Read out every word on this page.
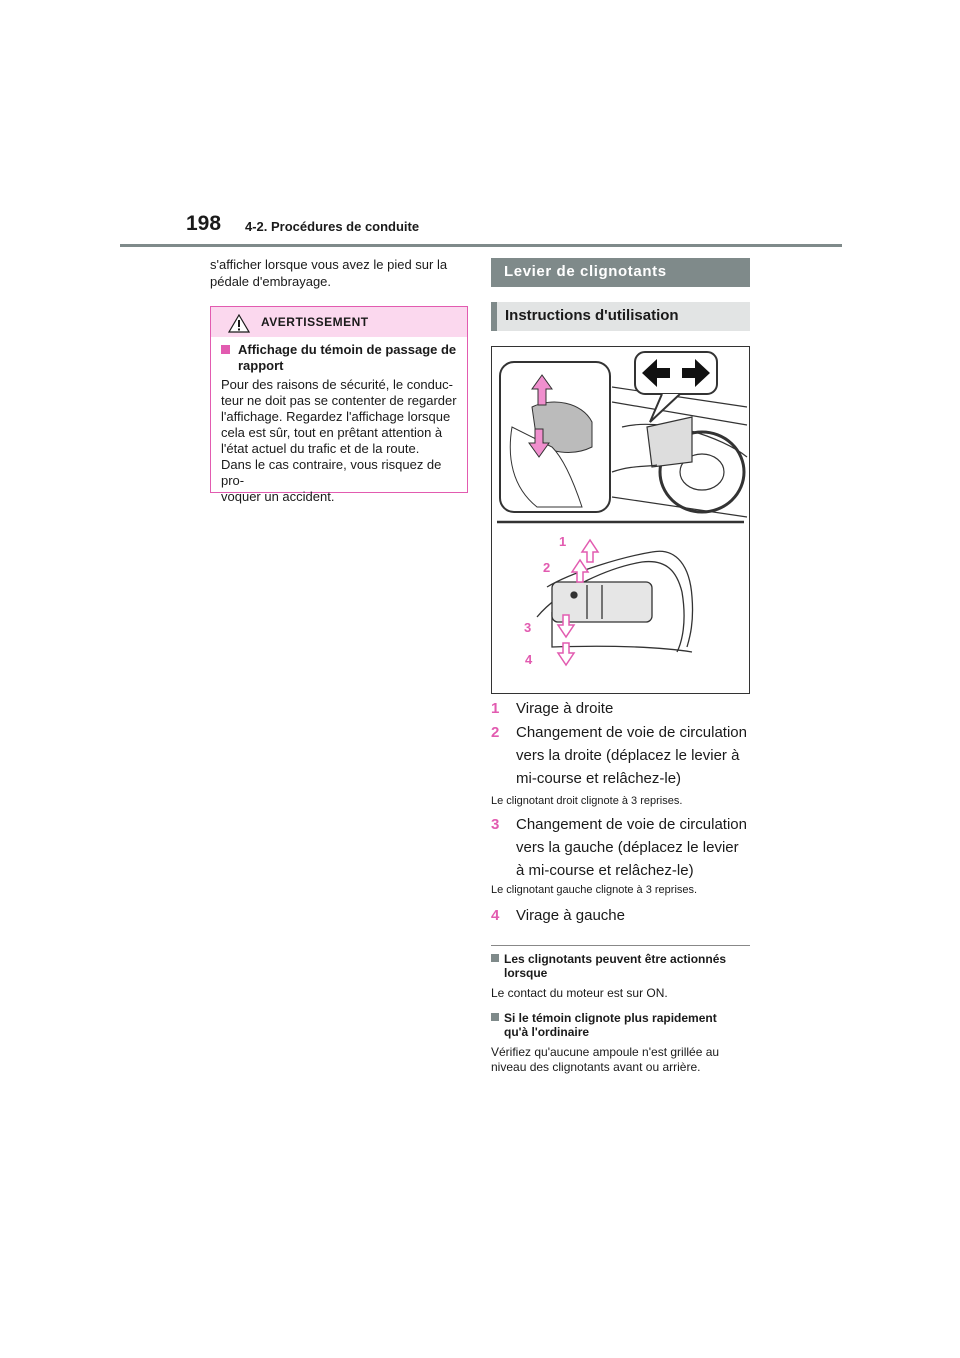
198 4-2. Procédures de conduite
s'afficher lorsque vous avez le pied sur la pédale d'embrayage.
AVERTISSEMENT
Affichage du témoin de passage de rapport

Pour des raisons de sécurité, le conduc-

teur ne doit pas se contenter de regarder

l'affichage. Regardez l'affichage lorsque

cela est sûr, tout en prêtant attention à

l'état actuel du trafic et de la route.

Dans le cas contraire, vous risquez de pro-

voquer un accident.

Levier de clignotants
Instructions d'utilisation
1
2
3
4
1 Virage à droite
2 Changement de voie de circulation vers la droite (déplacez le levier à mi-course et relâchez-le)
Le clignotant droit clignote à 3 reprises.
3 Changement de voie de circulation vers la gauche (déplacez le levier à mi-course et relâchez-le)
Le clignotant gauche clignote à 3 reprises.
4 Virage à gauche
Les clignotants peuvent être actionnés
lorsque
Le contact du moteur est sur ON.
Si le témoin clignote plus rapidement
qu'à l'ordinaire
Vérifiez qu'aucune ampoule n'est grillée au niveau des clignotants avant ou arrière.
